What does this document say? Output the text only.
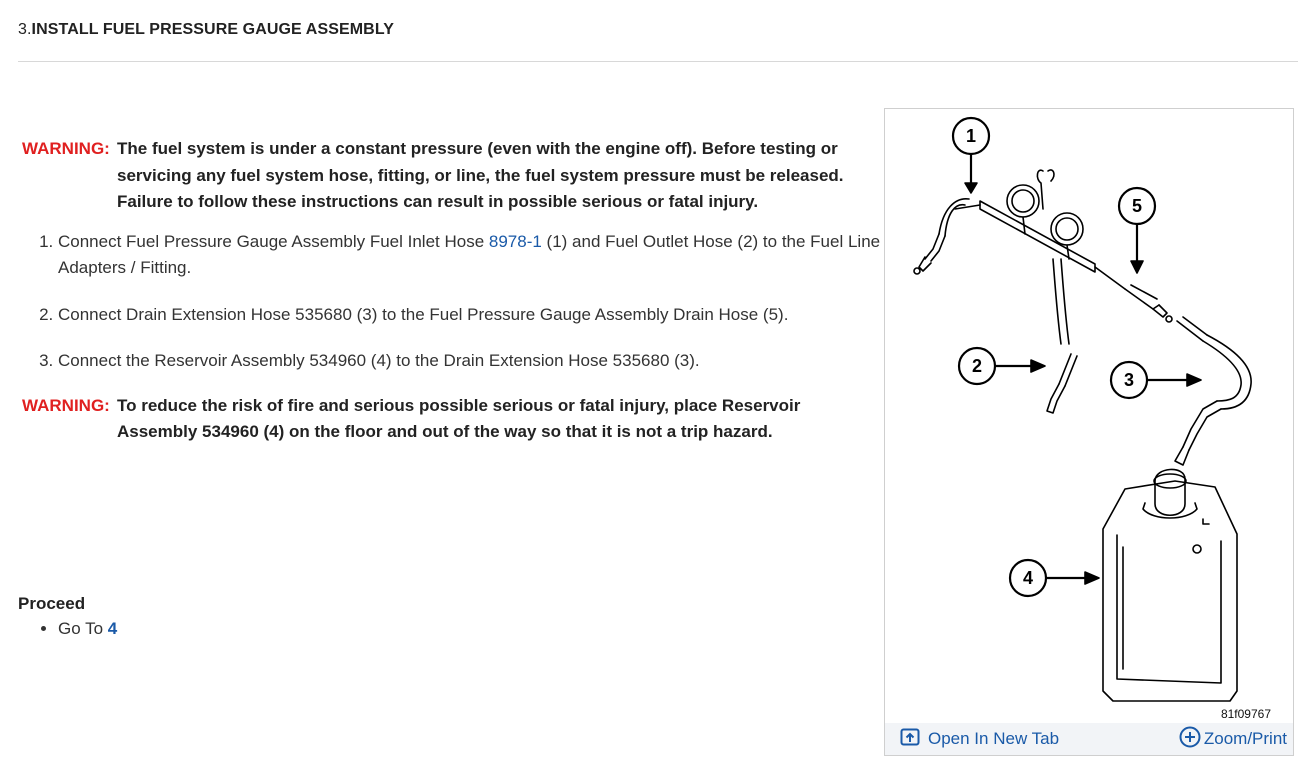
3.INSTALL FUEL PRESSURE GAUGE ASSEMBLY
WARNING: The fuel system is under a constant pressure (even with the engine off). Before testing or servicing any fuel system hose, fitting, or line, the fuel system pressure must be released. Failure to follow these instructions can result in possible serious or fatal injury.
1. Connect Fuel Pressure Gauge Assembly Fuel Inlet Hose 8978-1 (1) and Fuel Outlet Hose (2) to the Fuel Line Adapters / Fitting.
2. Connect Drain Extension Hose 535680 (3) to the Fuel Pressure Gauge Assembly Drain Hose (5).
3. Connect the Reservoir Assembly 534960 (4) to the Drain Extension Hose 535680 (3).
WARNING: To reduce the risk of fire and serious possible serious or fatal injury, place Reservoir Assembly 534960 (4) on the floor and out of the way so that it is not a trip hazard.
Proceed
• Go To 4
1
2
3
4
5
81f09767
Open In New Tab	Zoom/Print
